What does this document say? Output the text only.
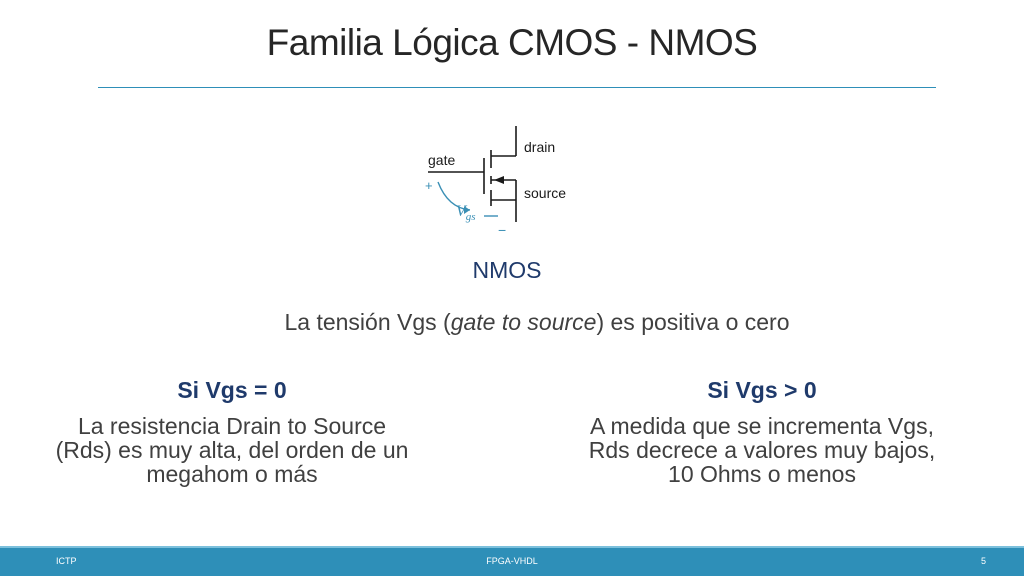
Familia Lógica CMOS - NMOS
gate
drain
source
+
−
$V_{gs}$
NMOS
La tensión Vgs (gate to source) es positiva o cero
Si Vgs = 0

La resistencia Drain to Source (Rds) es muy alta, del orden de un megahom o más

Si Vgs > 0

A medida que se incrementa Vgs, Rds decrece a valores muy bajos, 10 Ohms o menos

ICTP	FPGA-VHDL	5
